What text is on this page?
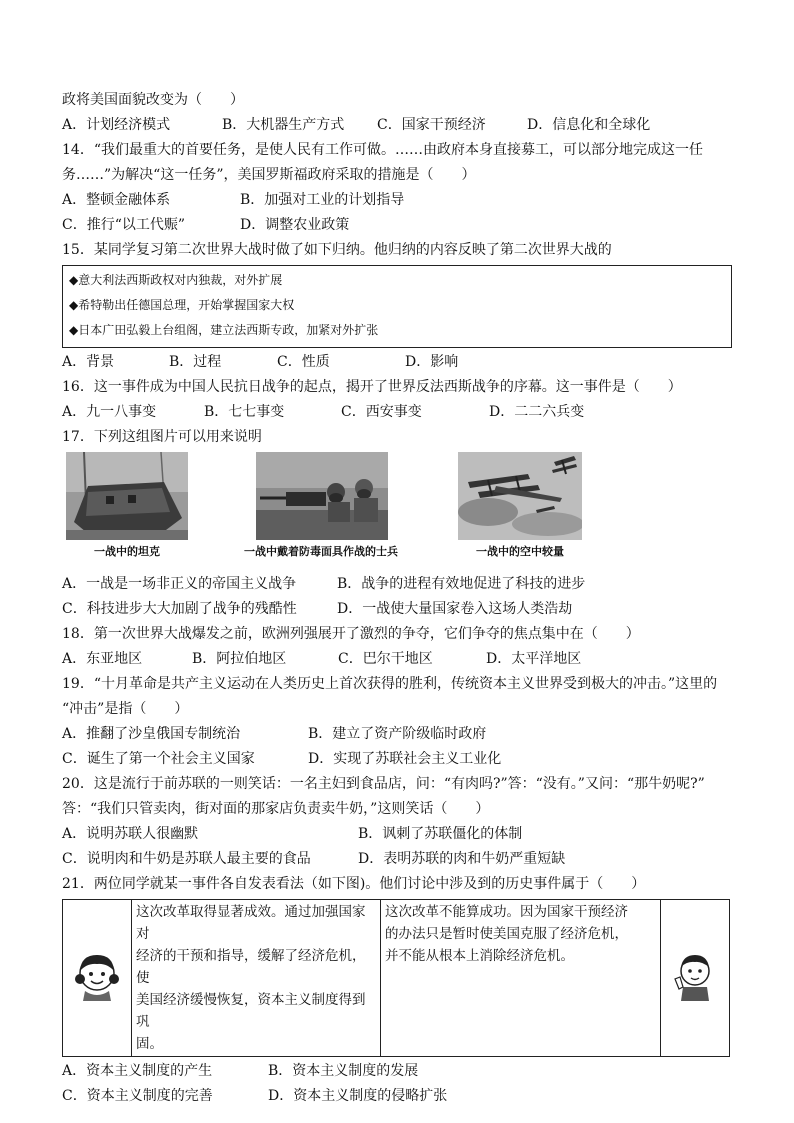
政将美国面貌改变为（　　）
A．计划经济模式	B．大机器生产方式 C．国家干预经济	D．信息化和全球化
14．“我们最重大的首要任务，是使人民有工作可做。……由政府本身直接募工，可以部分地完成这一任
务……”为解决“这一任务”，美国罗斯福政府采取的措施是（　　）
A．整顿金融体系	B．加强对工业的计划指导
C．推行“以工代赈”	D．调整农业政策
15．某同学复习第二次世界大战时做了如下归纳。他归纳的内容反映了第二次世界大战的
◆意大利法西斯政权对内独裁，对外扩展
◆希特勒出任德国总理，开始掌握国家大权
◆日本广田弘毅上台组阁，建立法西斯专政，加紧对外扩张
A．背景	B．过程	C．性质	D．影响
16．这一事件成为中国人民抗日战争的起点，揭开了世界反法西斯战争的序幕。这一事件是（　　）
A．九一八事变	B．七七事变	C．西安事变	D．二二六兵变
17．下列这组图片可以用来说明
一战中的坦克	一战中戴着防毒面具作战的士兵	一战中的空中较量
A．一战是一场非正义的帝国主义战争	B．战争的进程有效地促进了科技的进步
C．科技进步大大加剧了战争的残酷性	D．一战使大量国家卷入这场人类浩劫
18．第一次世界大战爆发之前，欧洲列强展开了激烈的争夺，它们争夺的焦点集中在（　　）
A．东亚地区	B．阿拉伯地区	C．巴尔干地区	D．太平洋地区
19．“十月革命是共产主义运动在人类历史上首次获得的胜利，传统资本主义世界受到极大的冲击。”这里的
“冲击”是指（　　）
A．推翻了沙皇俄国专制统治	B．建立了资产阶级临时政府
C．诞生了第一个社会主义国家	D．实现了苏联社会主义工业化
20．这是流行于前苏联的一则笑话：一名主妇到食品店，问：“有肉吗?”答：“没有。”又问：“那牛奶呢?”
答：“我们只管卖肉，街对面的那家店负责卖牛奶，”这则笑话（　　）
A．说明苏联人很幽默	B．讽刺了苏联僵化的体制
C．说明肉和牛奶是苏联人最主要的食品	D．表明苏联的肉和牛奶严重短缺
21．两位同学就某一事件各自发表看法（如下图)。他们讨论中涉及到的历史事件属于（　　）

这次改革取得显著成效。通过加强国家对
经济的干预和指导，缓解了经济危机，使
美国经济缓慢恢复，资本主义制度得到巩
固。

这次改革不能算成功。因为国家干预经济
的办法只是暂时使美国克服了经济危机，
并不能从根本上消除经济危机。

A．资本主义制度的产生	B．资本主义制度的发展
C．资本主义制度的完善	D．资本主义制度的侵略扩张
